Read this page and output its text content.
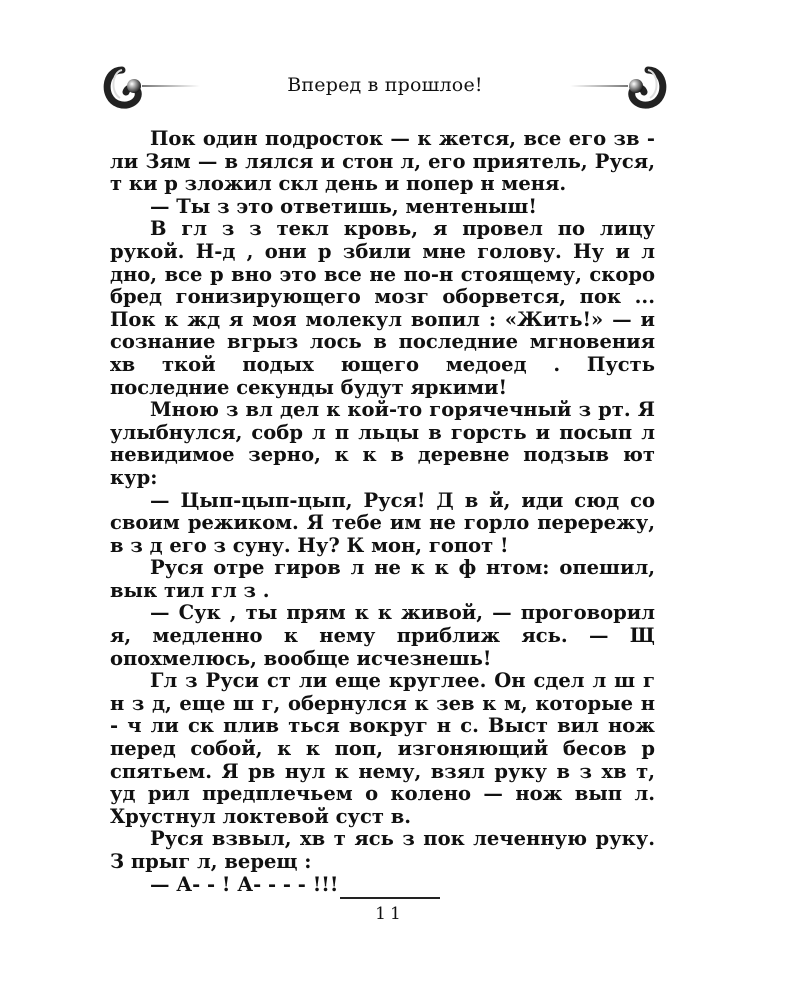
Вперед в прошлое!

Пок один подросток — к жется, все его зв - ли Зям — в лялся и стон л, его приятель, Руся, т ки р зложил скл день и попер н меня.

— Ты з это ответишь, ментеныш!

В гл з з текл кровь, я провел по лицу рукой. Н-д , они р збили мне голову. Ну и л дно, все р вно это все не по-н стоящему, скоро бред гонизирующего мозг оборвется, пок ... Пок к жд я моя молекул вопил : «Жить!» — и сознание вгрыз лось в последние мгновения хв ткой подых ющего медоед . Пусть последние секунды будут яркими!

Мною з вл дел к кой-то горячечный з рт. Я улыбнулся, собр л п льцы в горсть и посып л невидимое зерно, к к в деревне подзыв ют кур:

— Цып-цып-цып, Руся! Д в й, иди сюд со своим режиком. Я тебе им не горло перережу, в з д его з суну. Ну? К мон, гопот !

Руся отре гиров л не к к ф нтом: опешил, вык тил гл з .

— Сук , ты прям к к живой, — проговорил я, медленно к нему приближ ясь. — Щ опохмелюсь, вообще исчезнешь!

Гл з Руси ст ли еще круглее. Он сдел л ш г н з д, еще ш г, обернулся к зев к м, которые н - ч ли ск плив ться вокруг н с. Выст вил нож перед собой, к к поп, изгоняющий бесов р спятьем. Я рв нул к нему, взял руку в з хв т, уд рил предплечьем о колено — нож вып л. Хрустнул локтевой суст в.

Руся взвыл, хв т ясь з пок леченную руку. З прыг л, верещ :

— А- - ! А- - - - !!!

11
